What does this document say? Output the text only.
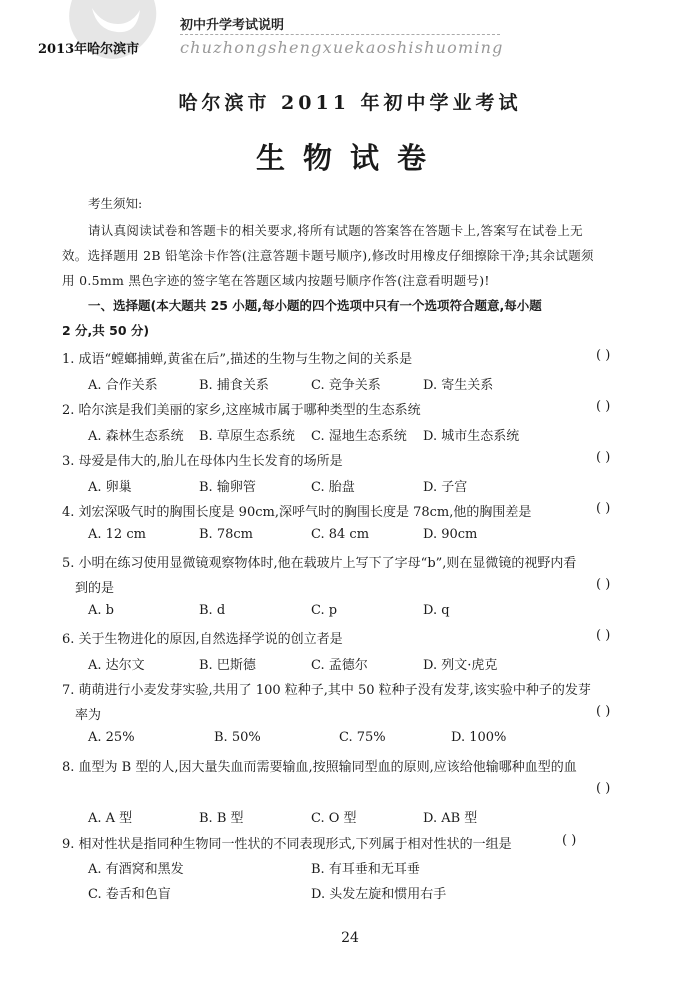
初中升学考试说明
2013年哈尔滨市	chuzhongshengxuekaoshishuoming
哈尔滨市 2011 年初中学业考试
生物试卷
考生须知:
请认真阅读试卷和答题卡的相关要求,将所有试题的答案答在答题卡上,答案写在试卷上无
效。选择题用 2B 铅笔涂卡作答(注意答题卡题号顺序),修改时用橡皮仔细擦除干净;其余试题须
用 0.5mm 黑色字迹的签字笔在答题区域内按题号顺序作答(注意看明题号)!
一、选择题(本大题共 25 小题,每小题的四个选项中只有一个选项符合题意,每小题
2 分,共 50 分)
1. 成语“螳螂捕蝉,黄雀在后”,描述的生物与生物之间的关系是	( )
A. 合作关系	B. 捕食关系	C. 竞争关系	D. 寄生关系
2. 哈尔滨是我们美丽的家乡,这座城市属于哪种类型的生态系统	( )
A. 森林生态系统 B. 草原生态系统 C. 湿地生态系统 D. 城市生态系统
3. 母爱是伟大的,胎儿在母体内生长发育的场所是	( )
A. 卵巢	B. 输卵管	C. 胎盘	D. 子宫
4. 刘宏深吸气时的胸围长度是 90cm,深呼气时的胸围长度是 78cm,他的胸围差是	( )
A. 12 cm	B. 78cm	C. 84 cm	D. 90cm
5. 小明在练习使用显微镜观察物体时,他在载玻片上写下了字母“b”,则在显微镜的视野内看
到的是	( )
A. b	B. d	C. p	D. q
6. 关于生物进化的原因,自然选择学说的创立者是	( )
A. 达尔文	B. 巴斯德	C. 孟德尔	D. 列文·虎克
7. 萌萌进行小麦发芽实验,共用了 100 粒种子,其中 50 粒种子没有发芽,该实验中种子的发芽
率为	( )
A. 25%	B. 50%	C. 75%	D. 100%
8. 血型为 B 型的人,因大量失血而需要输血,按照输同型血的原则,应该给他输哪种血型的血
( )
A. A 型	B. B 型	C. O 型	D. AB 型
9. 相对性状是指同种生物同一性状的不同表现形式,下列属于相对性状的一组是	( )
A. 有酒窝和黑发	B. 有耳垂和无耳垂
C. 卷舌和色盲	D. 头发左旋和惯用右手
24
